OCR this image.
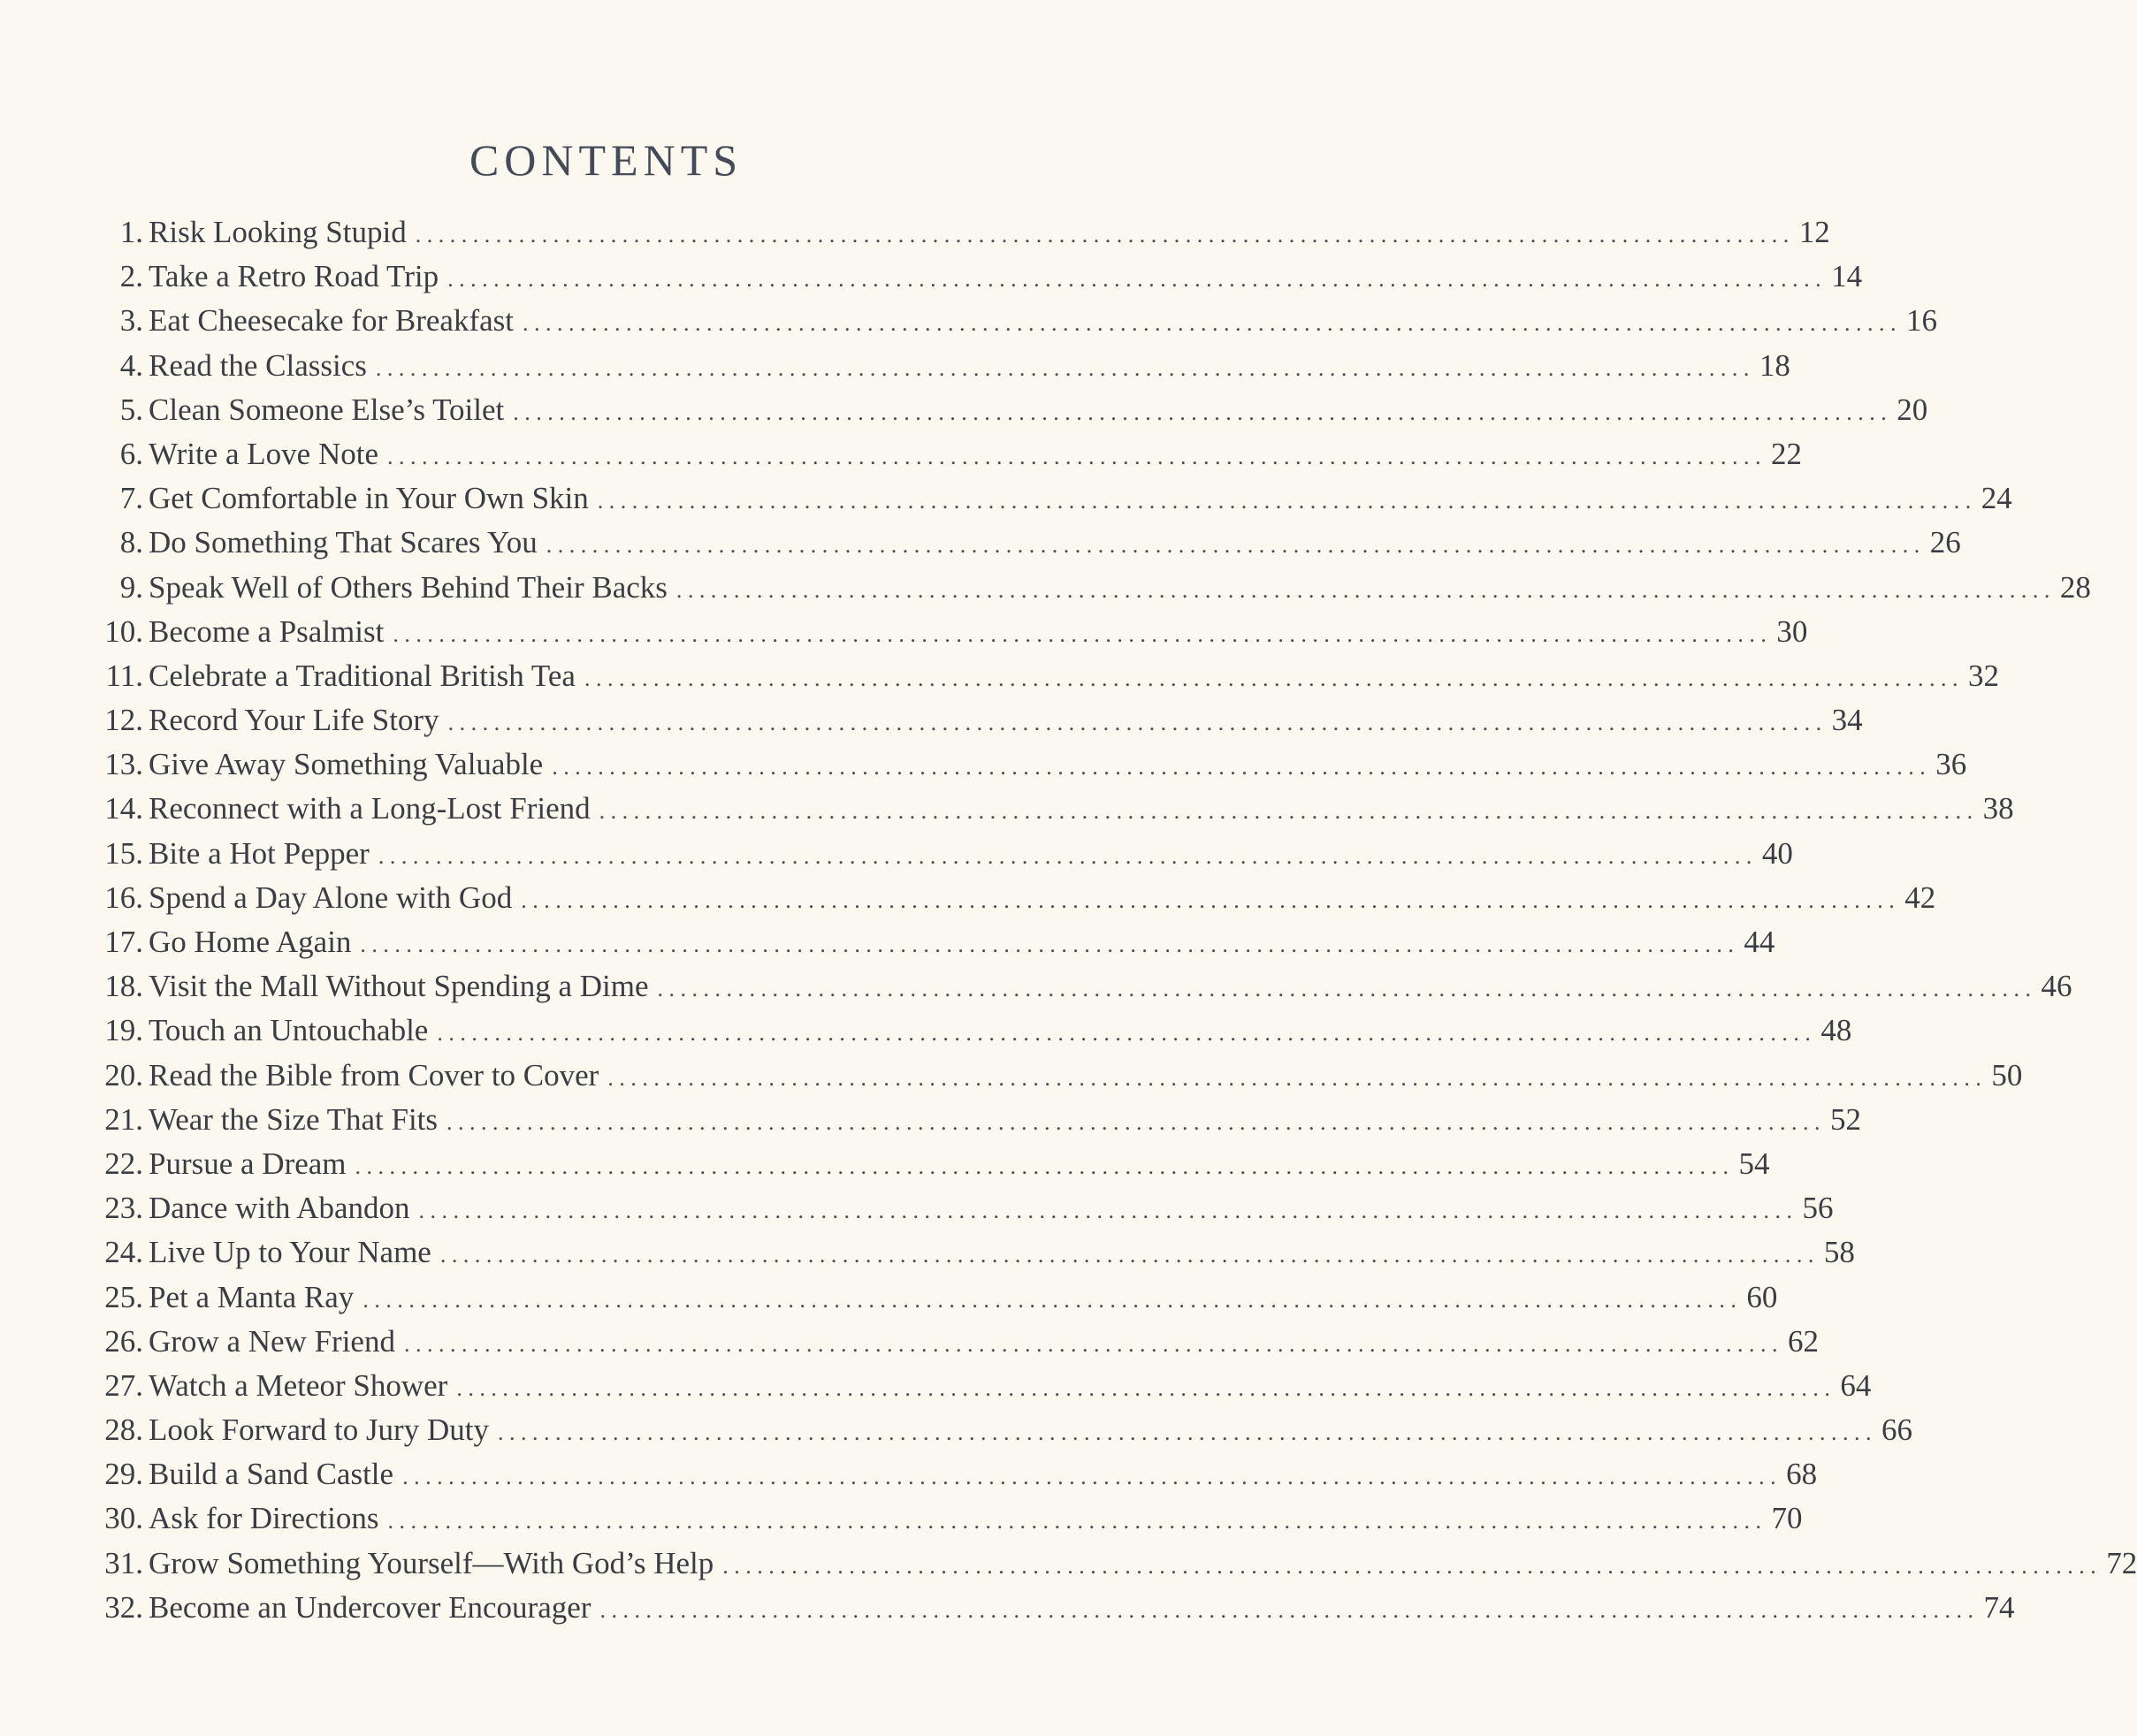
CONTENTS
1. Risk Looking Stupid ........................................................................................................................ 12
2. Take a Retro Road Trip ........................................................................................................................ 14
3. Eat Cheesecake for Breakfast ........................................................................................................................ 16
4. Read the Classics ........................................................................................................................ 18
5. Clean Someone Else’s Toilet ........................................................................................................................ 20
6. Write a Love Note ........................................................................................................................ 22
7. Get Comfortable in Your Own Skin ........................................................................................................................ 24
8. Do Something That Scares You ........................................................................................................................ 26
9. Speak Well of Others Behind Their Backs ........................................................................................................................ 28
10. Become a Psalmist ........................................................................................................................ 30
11. Celebrate a Traditional British Tea ........................................................................................................................ 32
12. Record Your Life Story ........................................................................................................................ 34
13. Give Away Something Valuable ........................................................................................................................ 36
14. Reconnect with a Long-Lost Friend ........................................................................................................................ 38
15. Bite a Hot Pepper ........................................................................................................................ 40
16. Spend a Day Alone with God ........................................................................................................................ 42
17. Go Home Again ........................................................................................................................ 44
18. Visit the Mall Without Spending a Dime ........................................................................................................................ 46
19. Touch an Untouchable ........................................................................................................................ 48
20. Read the Bible from Cover to Cover ........................................................................................................................ 50
21. Wear the Size That Fits ........................................................................................................................ 52
22. Pursue a Dream ........................................................................................................................ 54
23. Dance with Abandon ........................................................................................................................ 56
24. Live Up to Your Name ........................................................................................................................ 58
25. Pet a Manta Ray ........................................................................................................................ 60
26. Grow a New Friend ........................................................................................................................ 62
27. Watch a Meteor Shower ........................................................................................................................ 64
28. Look Forward to Jury Duty ........................................................................................................................ 66
29. Build a Sand Castle ........................................................................................................................ 68
30. Ask for Directions ........................................................................................................................ 70
31. Grow Something Yourself—With God’s Help ........................................................................................................................ 72
32. Become an Undercover Encourager ........................................................................................................................ 74
